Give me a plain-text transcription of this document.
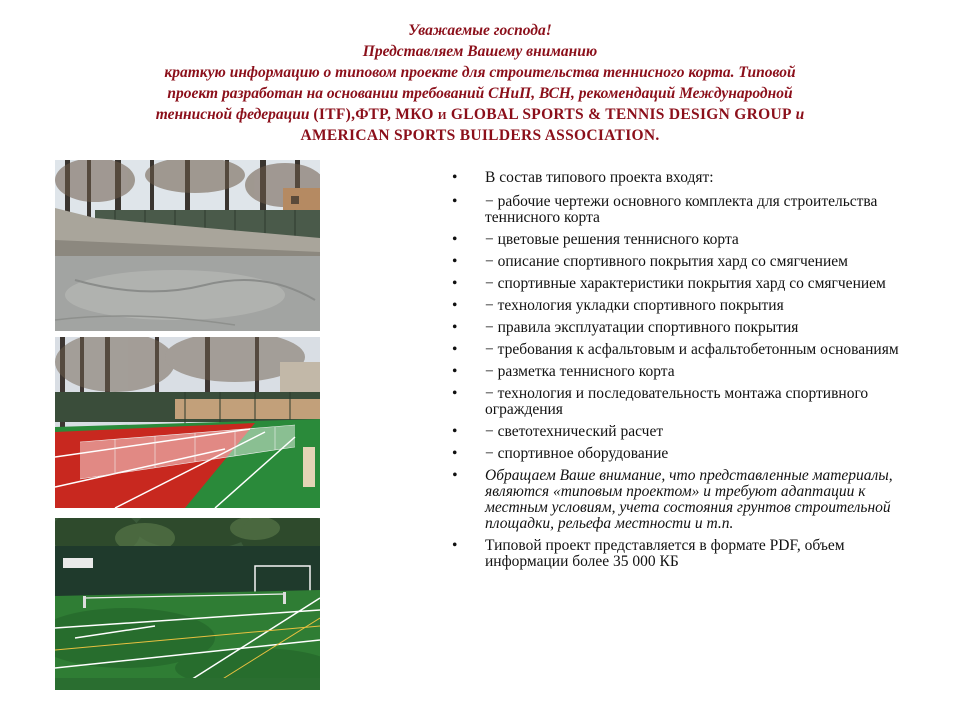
Уважаемые господа!
Представляем Вашему вниманию
краткую информацию о типовом проекте для строительства теннисного корта. Типовой
проект разработан на основании требований СНиП, ВСН, рекомендаций Международной
теннисной федерации (ITF),ФТР, МКО и GLOBAL SPORTS & TENNIS DESIGN GROUP и
AMERICAN SPORTS BUILDERS ASSOCIATION.
• В состав типового проекта входят:
• − рабочие чертежи основного комплекта для строительства теннисного корта
• − цветовые решения теннисного корта
• − описание спортивного покрытия хард со смягчением
• − спортивные характеристики покрытия хард со смягчением
• − технология укладки спортивного покрытия
• − правила эксплуатации спортивного покрытия
• − требования к асфальтовым и асфальтобетонным основаниям
• − разметка теннисного корта
• − технология и последовательность монтажа спортивного ограждения
• − светотехнический расчет
• − спортивное оборудование
• Обращаем Ваше внимание, что представленные материалы, являются «типовым проектом» и требуют адаптации к местным условиям, учета состояния грунтов строительной площадки, рельефа местности и т.п.
• Типовой проект представляется в формате PDF, объем информации более 35 000 КБ
